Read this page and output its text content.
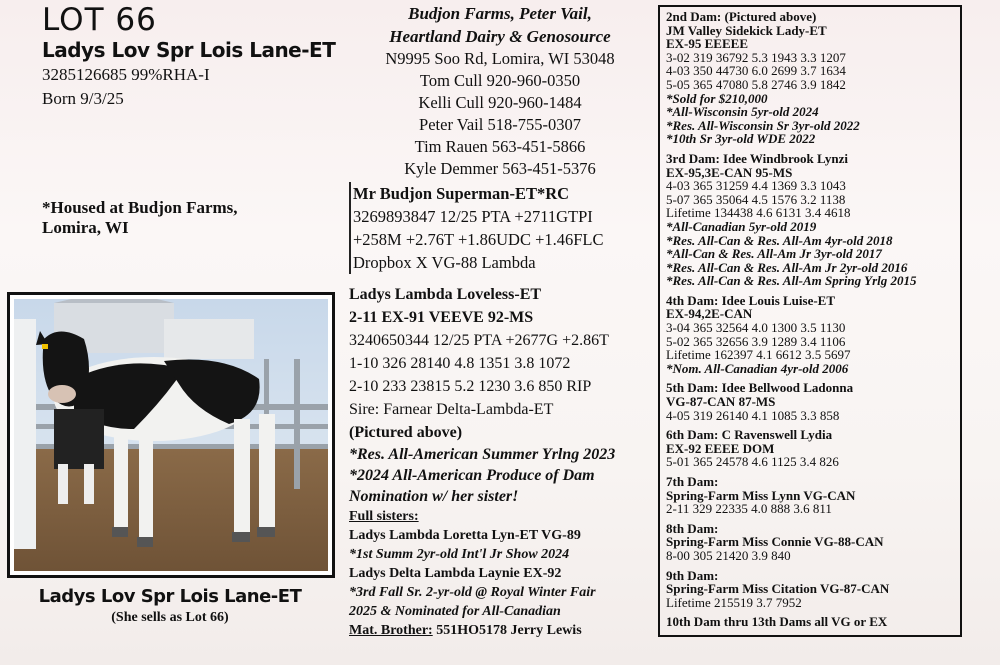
LOT 66
Ladys Lov Spr Lois Lane-ET
3285126685 99%RHA-I
Born 9/3/25
*Housed at Budjon Farms,
Lomira, WI
Ladys Lov Spr Lois Lane-ET
(She sells as Lot 66)
Budjon Farms, Peter Vail,
Heartland Dairy & Genosource
N9995 Soo Rd, Lomira, WI 53048
Tom Cull 920-960-0350
Kelli Cull 920-960-1484
Peter Vail 518-755-0307
Tim Rauen 563-451-5866
Kyle Demmer 563-451-5376
Mr Budjon Superman-ET*RC
3269893847 12/25 PTA +2711GTPI
+258M +2.76T +1.86UDC +1.46FLC
Dropbox X VG-88 Lambda
Ladys Lambda Loveless-ET
2-11 EX-91 VEEVE 92-MS
3240650344 12/25 PTA +2677G +2.86T
1-10 326 28140 4.8 1351 3.8 1072
2-10 233 23815 5.2 1230 3.6 850 RIP
Sire: Farnear Delta-Lambda-ET
(Pictured above)
*Res. All-American Summer Yrlng 2023
*2024 All-American Produce of Dam
Nomination w/ her sister!
Full sisters:
Ladys Lambda Loretta Lyn-ET VG-89
*1st Summ 2yr-old Int'l Jr Show 2024
Ladys Delta Lambda Laynie EX-92
*3rd Fall Sr. 2-yr-old @ Royal Winter Fair
2025 & Nominated for All-Canadian
Mat. Brother: 551HO5178 Jerry Lewis
2nd Dam: (Pictured above)
JM Valley Sidekick Lady-ET
EX-95 EEEEE
3-02 319 36792 5.3 1943 3.3 1207
4-03 350 44730 6.0 2699 3.7 1634
5-05 365 47080 5.8 2746 3.9 1842
*Sold for $210,000
*All-Wisconsin 5yr-old 2024
*Res. All-Wisconsin Sr 3yr-old 2022
*10th Sr 3yr-old WDE 2022
3rd Dam: Idee Windbrook Lynzi
EX-95,3E-CAN 95-MS
4-03 365 31259 4.4 1369 3.3 1043
5-07 365 35064 4.5 1576 3.2 1138
Lifetime 134438 4.6 6131 3.4 4618
*All-Canadian 5yr-old 2019
*Res. All-Can & Res. All-Am 4yr-old 2018
*All-Can & Res. All-Am Jr 3yr-old 2017
*Res. All-Can & Res. All-Am Jr 2yr-old 2016
*Res. All-Can & Res. All-Am Spring Yrlg 2015
4th Dam: Idee Louis Luise-ET
EX-94,2E-CAN
3-04 365 32564 4.0 1300 3.5 1130
5-02 365 32656 3.9 1289 3.4 1106
Lifetime 162397 4.1 6612 3.5 5697
*Nom. All-Canadian 4yr-old 2006
5th Dam: Idee Bellwood Ladonna
VG-87-CAN 87-MS
4-05 319 26140 4.1 1085 3.3 858
6th Dam: C Ravenswell Lydia
EX-92 EEEE DOM
5-01 365 24578 4.6 1125 3.4 826
7th Dam:
Spring-Farm Miss Lynn VG-CAN
2-11 329 22335 4.0 888 3.6 811
8th Dam:
Spring-Farm Miss Connie VG-88-CAN
8-00 305 21420 3.9 840
9th Dam:
Spring-Farm Miss Citation VG-87-CAN
Lifetime 215519 3.7 7952
10th Dam thru 13th Dams all VG or EX
